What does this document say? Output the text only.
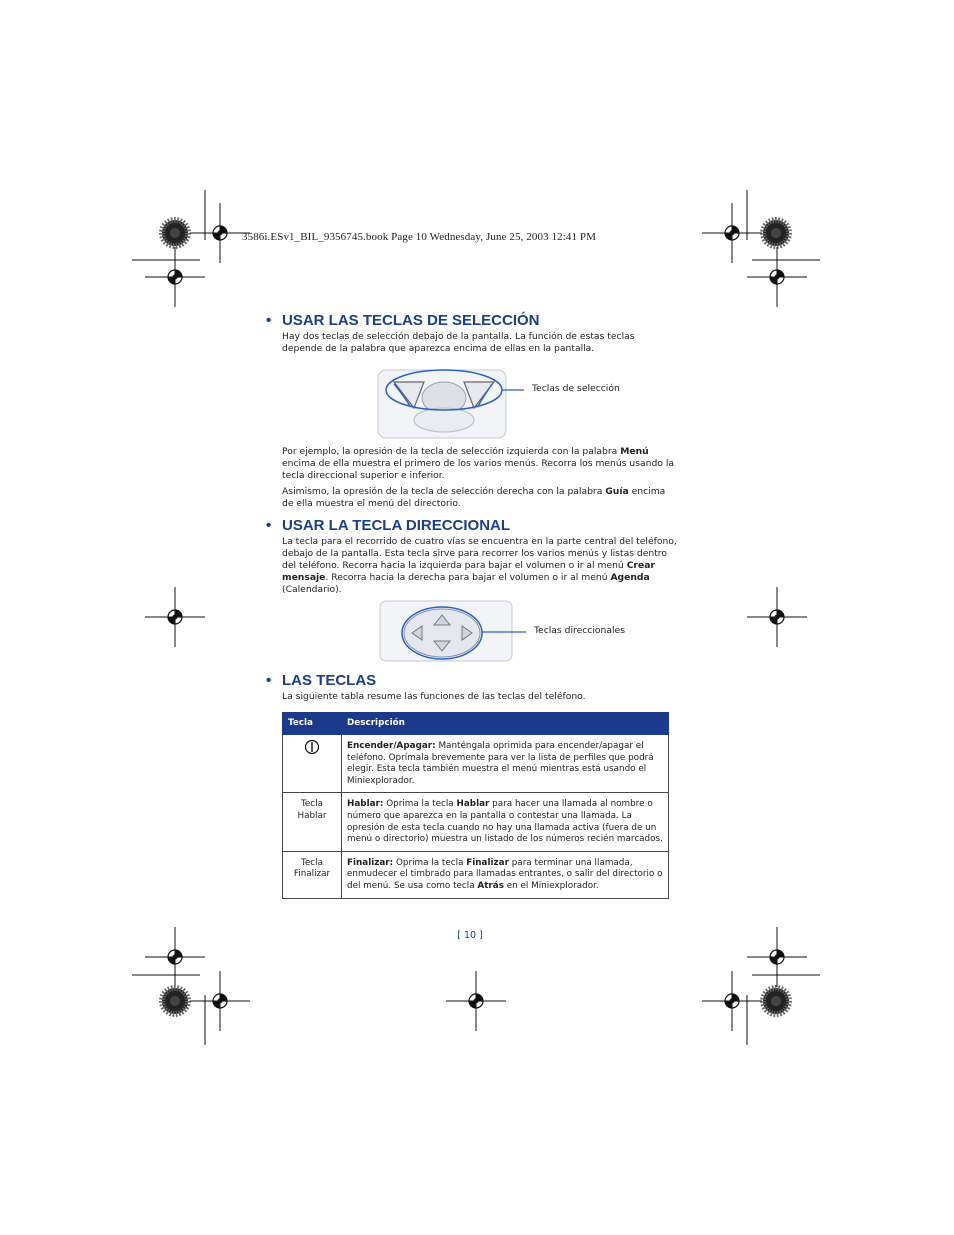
3586i.ESv1_BIL_9356745.book Page 10 Wednesday, June 25, 2003 12:41 PM
• USAR LAS TECLAS DE SELECCIÓN
Hay dos teclas de selección debajo de la pantalla. La función de estas teclas depende de la palabra que aparezca encima de ellas en la pantalla.
Teclas de selección
Por ejemplo, la opresión de la tecla de selección izquierda con la palabra Menú encima de ella muestra el primero de los varios menús. Recorra los menús usando la tecla direccional superior e inferior.
Asimismo, la opresión de la tecla de selección derecha con la palabra Guía encima de ella muestra el menú del directorio.
• USAR LA TECLA DIRECCIONAL
La tecla para el recorrido de cuatro vías se encuentra en la parte central del teléfono, debajo de la pantalla. Esta tecla sirve para recorrer los varios menús y listas dentro del teléfono. Recorra hacia la izquierda para bajar el volumen o ir al menú Crear mensaje. Recorra hacia la derecha para bajar el volumen o ir al menú Agenda (Calendario).
Teclas direccionales
• LAS TECLAS
La siguiente tabla resume las funciones de las teclas del teléfono.
Tecla	Descripción
	Encender/Apagar: Manténgala oprimida para encender/apagar el teléfono. Oprímala brevemente para ver la lista de perfiles que podrá elegir. Esta tecla también muestra el menú mientras está usando el Miniexplorador.
Tecla Hablar	Hablar: Oprima la tecla Hablar para hacer una llamada al nombre o número que aparezca en la pantalla o contestar una llamada. La opresión de esta tecla cuando no hay una llamada activa (fuera de un menú o directorio) muestra un listado de los números recién marcados.
Tecla Finalizar	Finalizar: Oprima la tecla Finalizar para terminar una llamada, enmudecer el timbrado para llamadas entrantes, o salir del directorio o del menú. Se usa como tecla Atrás en el Miniexplorador.
[ 10 ]
